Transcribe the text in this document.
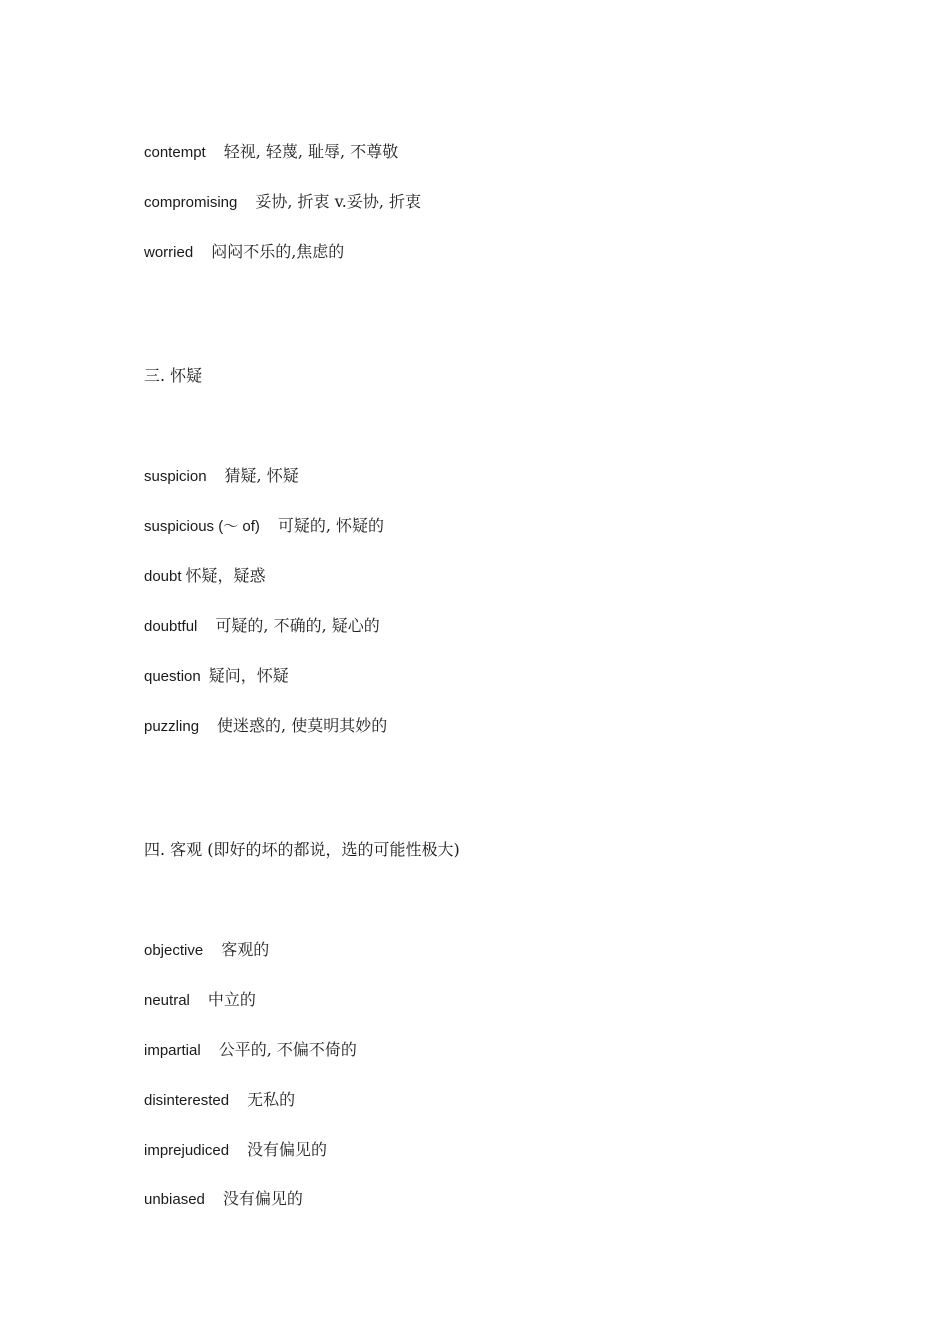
contempt 轻视, 轻蔑, 耻辱, 不尊敬
compromising 妥协, 折衷 v.妥协, 折衷
worried 闷闷不乐的,焦虑的
三. 怀疑
suspicion 猜疑, 怀疑
suspicious (～ of) 可疑的, 怀疑的
doubt 怀疑，疑惑
doubtful 可疑的, 不确的, 疑心的
question 疑问，怀疑
puzzling 使迷惑的, 使莫明其妙的
四. 客观 (即好的坏的都说，选的可能性极大)
objective 客观的
neutral 中立的
impartial 公平的, 不偏不倚的
disinterested 无私的
imprejudiced 没有偏见的
unbiased 没有偏见的
